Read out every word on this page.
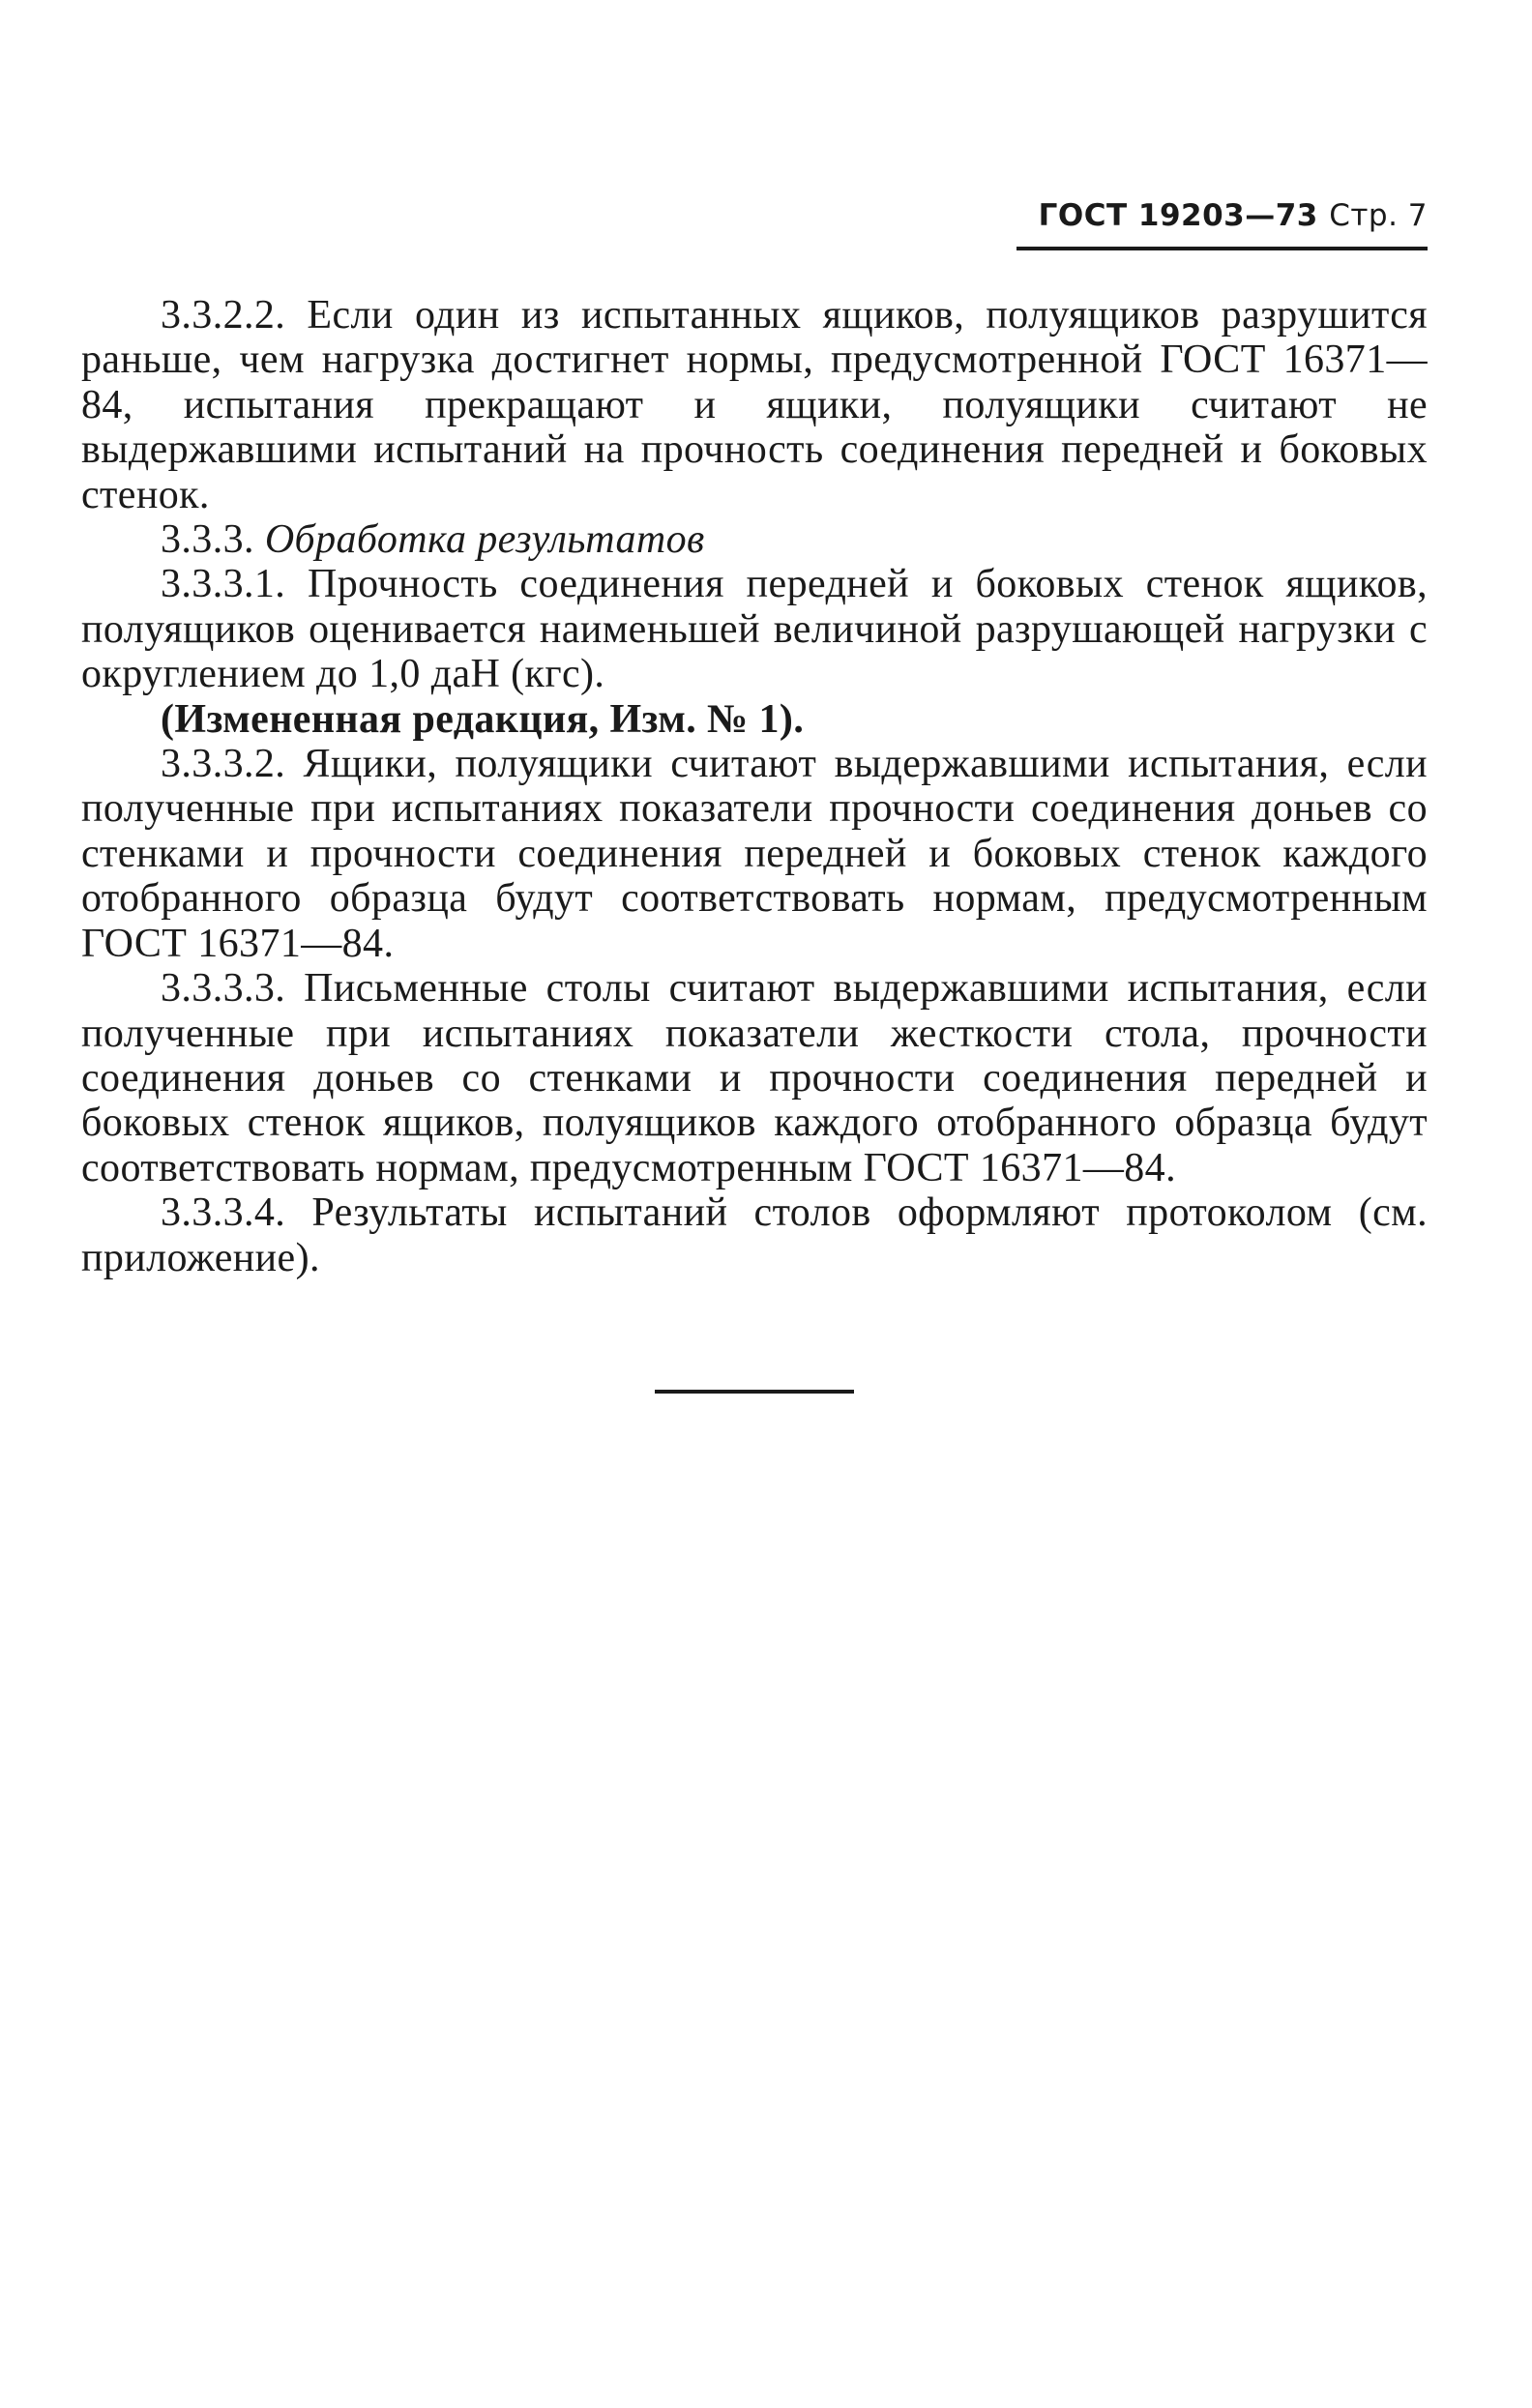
ГОСТ 19203—73 Стр. 7

3.3.2.2. Если один из испытанных ящиков, полуящиков разрушится раньше, чем нагрузка достигнет нормы, предусмотренной ГОСТ 16371—84, испытания прекращают и ящики, полуящики считают не выдержавшими испытаний на прочность соединения передней и боковых стенок.

3.3.3. Обработка результатов

3.3.3.1. Прочность соединения передней и боковых стенок ящиков, полуящиков оценивается наименьшей величиной разрушающей нагрузки с округлением до 1,0 даН (кгс).

(Измененная редакция, Изм. № 1).

3.3.3.2. Ящики, полуящики считают выдержавшими испытания, если полученные при испытаниях показатели прочности соединения доньев со стенками и прочности соединения передней и боковых стенок каждого отобранного образца будут соответствовать нормам, предусмотренным ГОСТ 16371—84.

3.3.3.3. Письменные столы считают выдержавшими испытания, если полученные при испытаниях показатели жесткости стола, прочности соединения доньев со стенками и прочности соединения передней и боковых стенок ящиков, полуящиков каждого отобранного образца будут соответствовать нормам, предусмотренным ГОСТ 16371—84.

3.3.3.4. Результаты испытаний столов оформляют протоколом (см. приложение).
